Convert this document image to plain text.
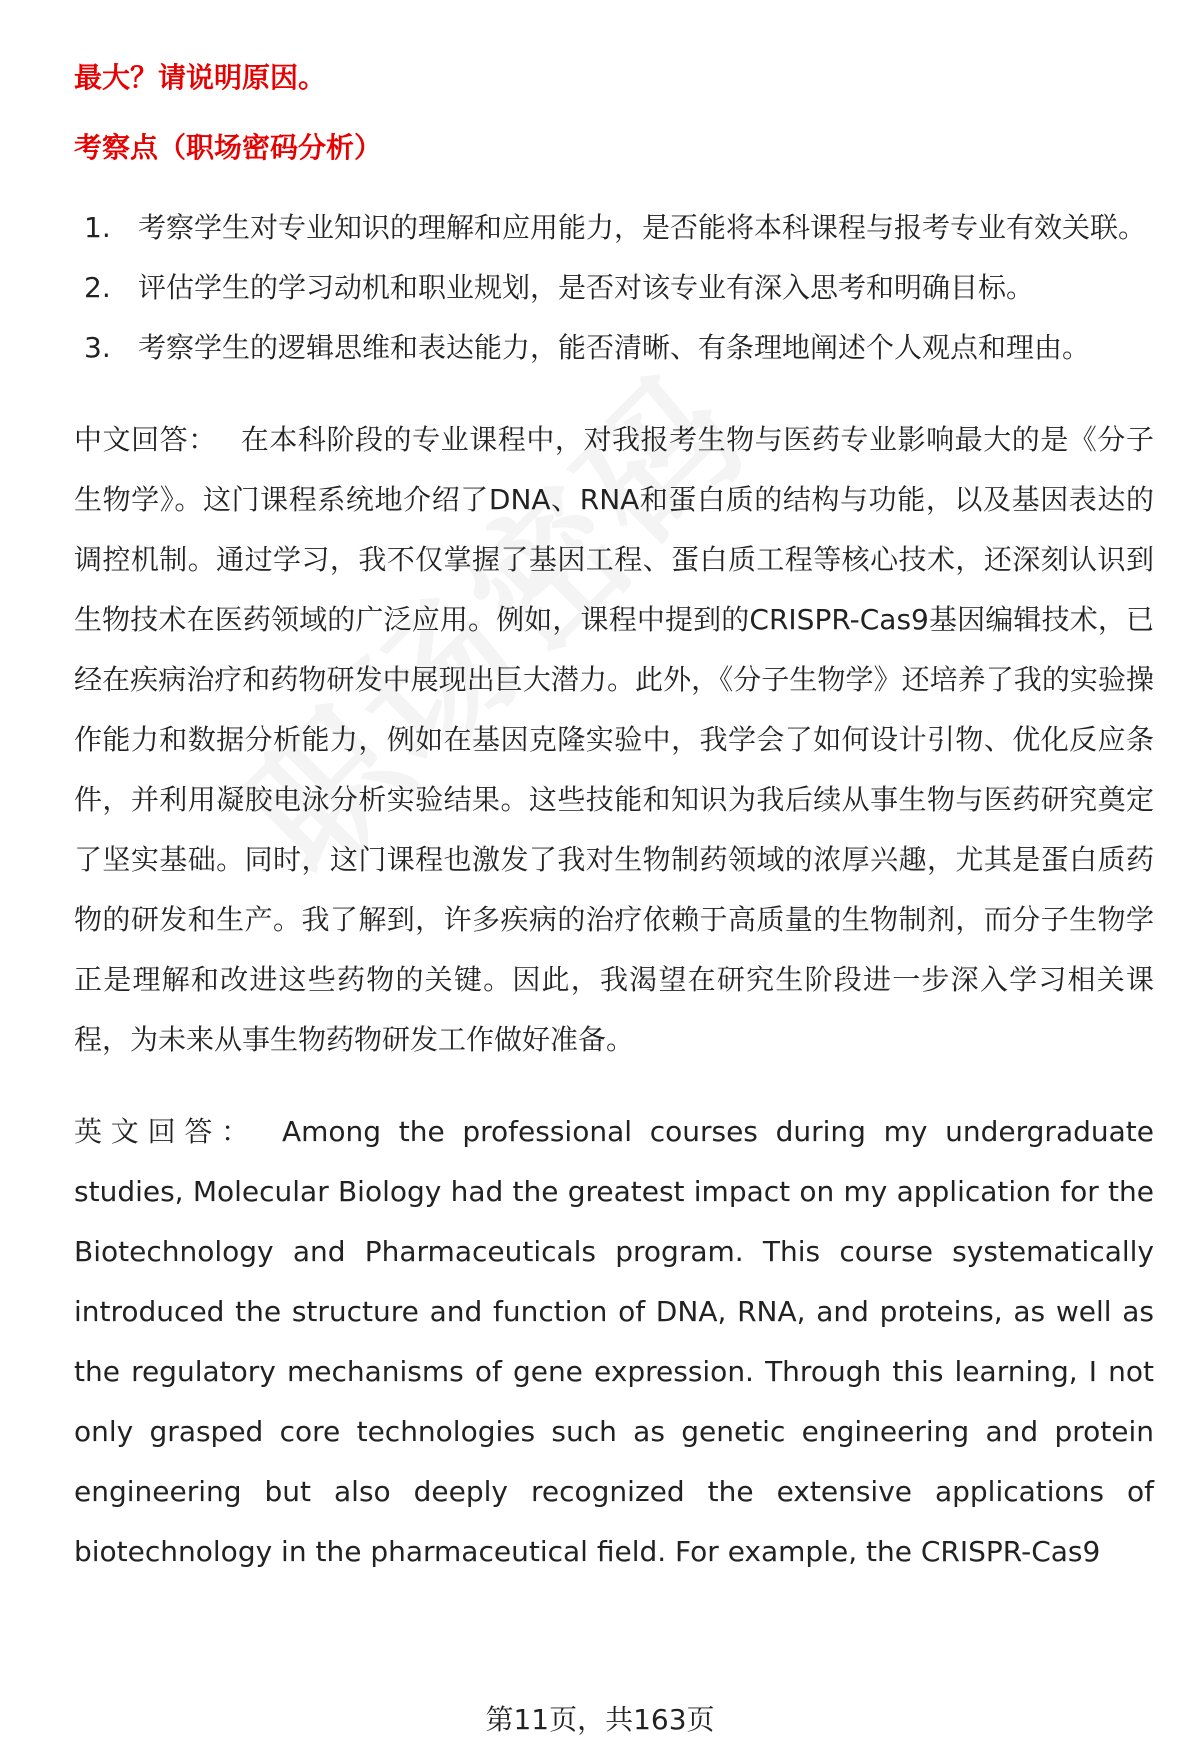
最大？请说明原因。

考察点（职场密码分析）

1. 考察学生对专业知识的理解和应用能力，是否能将本科课程与报考专业有效关联。
2. 评估学生的学习动机和职业规划，是否对该专业有深入思考和明确目标。
3. 考察学生的逻辑思维和表达能力，能否清晰、有条理地阐述个人观点和理由。

中文回答： 在本科阶段的专业课程中，对我报考生物与医药专业影响最大的是《分子生物学》。这门课程系统地介绍了DNA、RNA和蛋白质的结构与功能，以及基因表达的调控机制。通过学习，我不仅掌握了基因工程、蛋白质工程等核心技术，还深刻认识到生物技术在医药领域的广泛应用。例如，课程中提到的CRISPR-Cas9基因编辑技术，已经在疾病治疗和药物研发中展现出巨大潜力。此外，《分子生物学》还培养了我的实验操作能力和数据分析能力，例如在基因克隆实验中，我学会了如何设计引物、优化反应条件，并利用凝胶电泳分析实验结果。这些技能和知识为我后续从事生物与医药研究奠定了坚实基础。同时，这门课程也激发了我对生物制药领域的浓厚兴趣，尤其是蛋白质药物的研发和生产。我了解到，许多疾病的治疗依赖于高质量的生物制剂，而分子生物学正是理解和改进这些药物的关键。因此，我渴望在研究生阶段进一步深入学习相关课程，为未来从事生物药物研发工作做好准备。

英文回答： Among the professional courses during my undergraduate studies, Molecular Biology had the greatest impact on my application for the Biotechnology and Pharmaceuticals program. This course systematically introduced the structure and function of DNA, RNA, and proteins, as well as the regulatory mechanisms of gene expression. Through this learning, I not only grasped core technologies such as genetic engineering and protein engineering but also deeply recognized the extensive applications of biotechnology in the pharmaceutical field. For example, the CRISPR-Cas9

第11页，共163页
